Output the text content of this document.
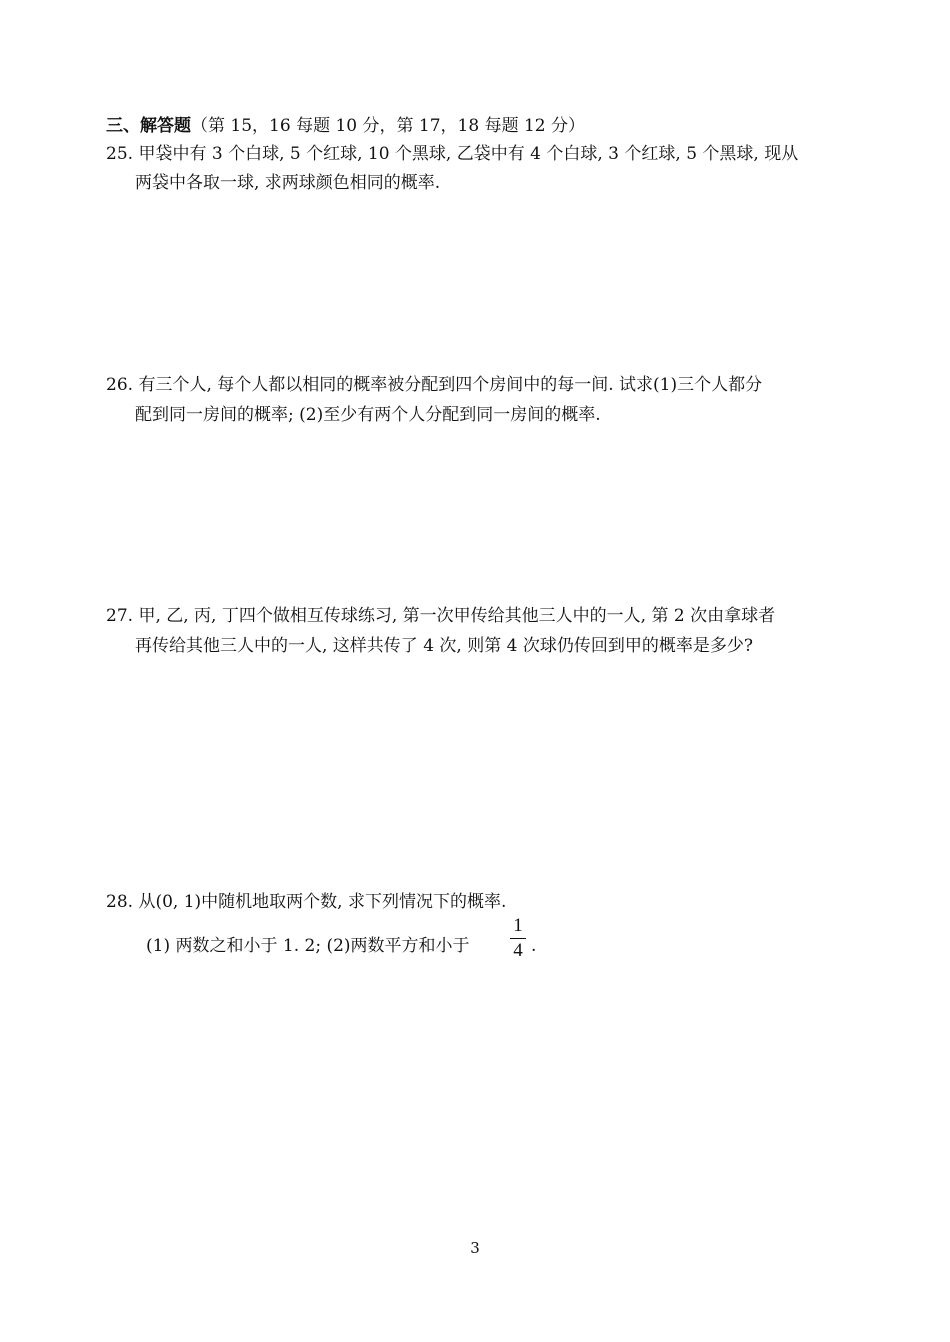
三、解答题（第 15，16 每题 10 分，第 17，18 每题 12 分）
25. 甲袋中有 3 个白球, 5 个红球, 10 个黑球, 乙袋中有 4 个白球, 3 个红球, 5 个黑球, 现从
两袋中各取一球, 求两球颜色相同的概率.
26. 有三个人, 每个人都以相同的概率被分配到四个房间中的每一间. 试求(1)三个人都分
配到同一房间的概率; (2)至少有两个人分配到同一房间的概率.
27. 甲, 乙, 丙, 丁四个做相互传球练习, 第一次甲传给其他三人中的一人, 第 2 次由拿球者
再传给其他三人中的一人, 这样共传了 4 次, 则第 4 次球仍传回到甲的概率是多少?
28. 从(0, 1)中随机地取两个数, 求下列情况下的概率.
(1) 两数之和小于 1. 2; (2)两数平方和小于
1
4 .
3
